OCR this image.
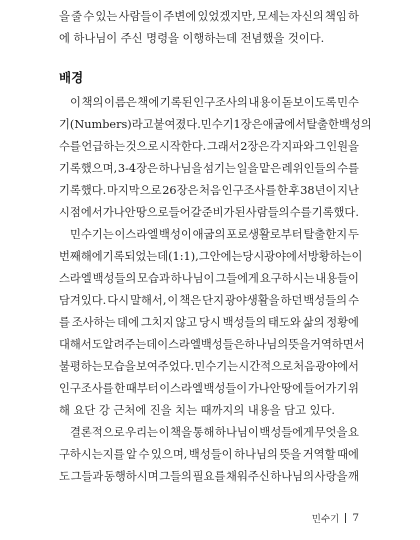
을 줄 수 있는 사람들이 주변에 있었겠지만, 모세는 자신의 책임 하
에 하나님이 주신 명령을 이행하는데 전념했을 것이다.
배경
이 책의 이름은 책에 기록된 인구조사의 내용이 돋보이도록 민수
기(Numbers)라고 붙여졌다. 민수기 1장은 애굽에서 탈출한 백성의
수를 언급하는 것으로 시작한다. 그래서 2장은 각 지파와 그 인원을
기록했으며, 3-4장은 하나님을 섬기는 일을 맡은 레위인들의 수를
기록했다. 마지막으로 26장은 처음 인구조사를 한 후 38년이 지난
시점에서 가나안 땅으로 들어갈 준비가 된 사람들의 수를 기록했다.
민수기는 이스라엘 백성이 애굽의 포로생활로부터 탈출한지 두
번째 해에 기록되었는데(1:1), 그 안에는 당시 광야에서 방황하는 이
스라엘 백성들의 모습과 하나님이 그들에게 요구하시는 내용들이
담겨있다. 다시 말해서, 이 책은 단지 광야생활을 하던 백성들의 수
를 조사하는 데에 그치지 않고 당시 백성들의 태도와 삶의 정황에
대해서도 알려주는데 이스라엘 백성들은 하나님의 뜻을 거역하면서
불평하는 모습을 보여주었다. 민수기는 시간적으로 처음 광야에서
인구조사를 한 때부터 이스라엘 백성들이 가나안 땅에 들어가기 위
해 요단 강 근처에 진을 치는 때까지의 내용을 담고 있다.
결론적으로 우리는 이 책을 통해 하나님이 백성들에게 무엇을 요
구하시는지를 알 수 있으며, 백성들이 하나님의 뜻을 거역할 때에
도 그들과 동행하시며 그들의 필요를 채워주신 하나님의 사랑을 깨
민수기 7
